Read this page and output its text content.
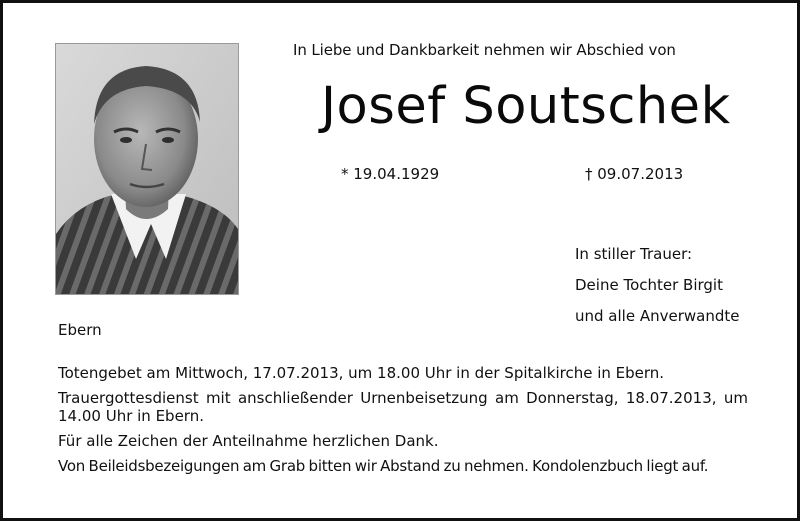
In Liebe und Dankbarkeit nehmen wir Abschied von
Josef Soutschek
* 19.04.1929	† 09.07.2013
In stiller Trauer:
Deine Tochter Birgit
und alle Anverwandte
Ebern

Totengebet am Mittwoch, 17.07.2013, um 18.00 Uhr in der Spitalkirche in Ebern.

Trauergottesdienst mit anschließender Urnenbeisetzung am Donnerstag, 18.07.2013, um 14.00 Uhr in Ebern.

Für alle Zeichen der Anteilnahme herzlichen Dank.

Von Beileidsbezeigungen am Grab bitten wir Abstand zu nehmen. Kondolenzbuch liegt auf.
